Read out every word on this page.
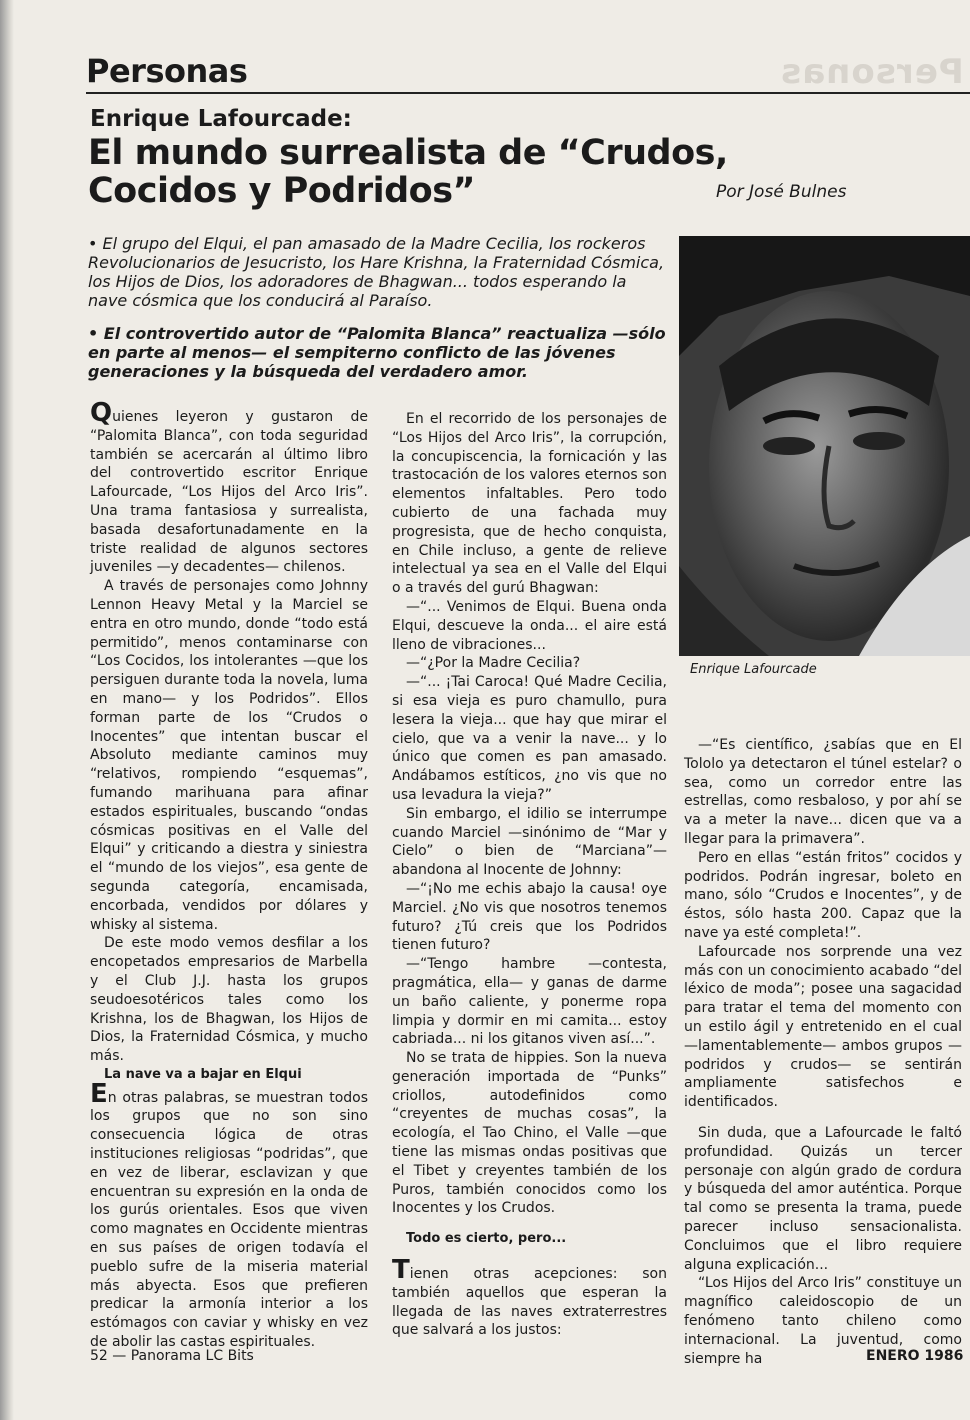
Personas
Personas
Enrique Lafourcade:
El mundo surrealista de “Crudos, Cocidos y Podridos”	Por José Bulnes
• El grupo del Elqui, el pan amasado de la Madre Cecilia, los rockeros Revolucionarios de Jesucristo, los Hare Krishna, la Fraternidad Cósmica, los Hijos de Dios, los adoradores de Bhagwan... todos esperando la nave cósmica que los conducirá al Paraíso.
• El controvertido autor de “Palomita Blanca” reactualiza —sólo en parte al menos— el sempiterno conflicto de las jóvenes generaciones y la búsqueda del verdadero amor.
Enrique Lafourcade

Quienes leyeron y gustaron de “Palomita Blanca”, con toda seguridad también se acercarán al último libro del controvertido escritor Enrique Lafourcade, “Los Hijos del Arco Iris”. Una trama fantasiosa y surrealista, basada desafortunadamente en la triste realidad de algunos sectores juveniles —y decadentes— chilenos.

A través de personajes como Johnny Lennon Heavy Metal y la Marciel se entra en otro mundo, donde “todo está permitido”, menos contaminarse con “Los Cocidos, los intolerantes —que los persiguen durante toda la novela, luma en mano— y los Podridos”. Ellos forman parte de los “Crudos o Inocentes” que intentan buscar el Absoluto mediante caminos muy “relativos, rompiendo “esquemas”, fumando marihuana para afinar estados espirituales, buscando “ondas cósmicas positivas en el Valle del Elqui” y criticando a diestra y siniestra el “mundo de los viejos”, esa gente de segunda categoría, encamisada, encorbada, vendidos por dólares y whisky al sistema.

De este modo vemos desfilar a los encopetados empresarios de Marbella y el Club J.J. hasta los grupos seudoesotéricos tales como los Krishna, los de Bhagwan, los Hijos de Dios, la Fraternidad Cósmica, y mucho más.

La nave va a bajar en Elqui

En otras palabras, se muestran todos los grupos que no son sino consecuencia lógica de otras instituciones religiosas “podridas”, que en vez de liberar, esclavizan y que encuentran su expresión en la onda de los gurús orientales. Esos que viven como magnates en Occidente mientras en sus países de origen todavía el pueblo sufre de la miseria material más abyecta. Esos que prefieren predicar la armonía interior a los estómagos con caviar y whisky en vez de abolir las castas espirituales.

En el recorrido de los personajes de “Los Hijos del Arco Iris”, la corrupción, la concupiscencia, la fornicación y las trastocación de los valores eternos son elementos infaltables. Pero todo cubierto de una fachada muy progresista, que de hecho conquista, en Chile incluso, a gente de relieve intelectual ya sea en el Valle del Elqui o a través del gurú Bhagwan:

—“... Venimos de Elqui. Buena onda Elqui, descueve la onda... el aire está lleno de vibraciones...

—“¿Por la Madre Cecilia?

—“... ¡Tai Caroca! Qué Madre Cecilia, si esa vieja es puro chamullo, pura lesera la vieja... que hay que mirar el cielo, que va a venir la nave... y lo único que comen es pan amasado. Andábamos estíticos, ¿no vis que no usa levadura la vieja?”

Sin embargo, el idilio se interrumpe cuando Marciel —sinónimo de “Mar y Cielo” o bien de “Marciana”— abandona al Inocente de Johnny:

—“¡No me echis abajo la causa! oye Marciel. ¿No vis que nosotros tenemos futuro? ¿Tú creis que los Podridos tienen futuro?

—“Tengo hambre —contesta, pragmática, ella— y ganas de darme un baño caliente, y ponerme ropa limpia y dormir en mi camita... estoy cabriada... ni los gitanos viven así...”.

No se trata de hippies. Son la nueva generación importada de “Punks” criollos, autodefinidos como “creyentes de muchas cosas”, la ecología, el Tao Chino, el Valle —que tiene las mismas ondas positivas que el Tibet y creyentes también de los Puros, también conocidos como los Inocentes y los Crudos.

Todo es cierto, pero...

Tienen otras acepciones: son también aquellos que esperan la llegada de las naves extraterrestres que salvará a los justos:

—“Es científico, ¿sabías que en El Tololo ya detectaron el túnel estelar? o sea, como un corredor entre las estrellas, como resbaloso, y por ahí se va a meter la nave... dicen que va a llegar para la primavera”.

Pero en ellas “están fritos” cocidos y podridos. Podrán ingresar, boleto en mano, sólo “Crudos e Inocentes”, y de éstos, sólo hasta 200. Capaz que la nave ya esté completa!”.

Lafourcade nos sorprende una vez más con un conocimiento acabado “del léxico de moda”; posee una sagacidad para tratar el tema del momento con un estilo ágil y entretenido en el cual —lamentablemente— ambos grupos —podridos y crudos— se sentirán ampliamente satisfechos e identificados.

Sin duda, que a Lafourcade le faltó profundidad. Quizás un tercer personaje con algún grado de cordura y búsqueda del amor auténtica. Porque tal como se presenta la trama, puede parecer incluso sensacionalista. Concluimos que el libro requiere alguna explicación...

“Los Hijos del Arco Iris” constituye un magnífico caleidoscopio de un fenómeno tanto chileno como internacional. La juventud, como siempre ha

52 — Panorama LC Bits	ENERO 1986
